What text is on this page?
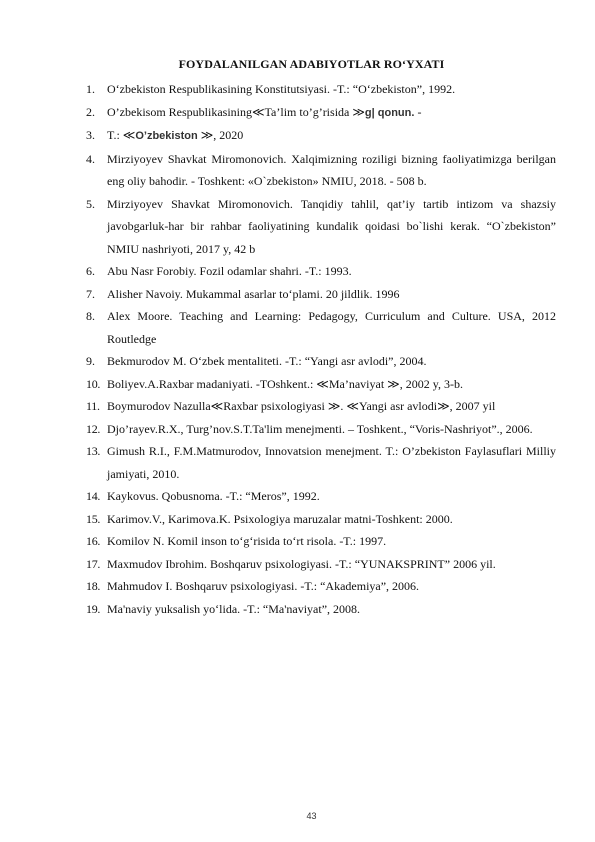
FOYDALANILGAN ADABIYOTLAR RO‘YXATI
1. O‘zbekiston Respublikasining Konstitutsiyasi. -T.: “O‘zbekiston”, 1992.
2. O’zbekisom Respublikasining≪Ta’lim to’g’risida ≫g| qonun. -
3. T.: ≪O’zbekiston ≫, 2020
4. Mirziyoyev Shavkat Miromonovich. Xalqimizning roziligi bizning faoliyatimizga berilgan eng oliy bahodir. - Toshkent: «O`zbekiston» NMIU, 2018. - 508 b.
5. Mirziyoyev Shavkat Miromonovich. Tanqidiy tahlil, qat’iy tartib intizom va shazsiy javobgarluk-har bir rahbar faoliyatining kundalik qoidasi bo`lishi kerak. “O`zbekiston” NMIU nashriyoti, 2017 y, 42 b
6. Abu Nasr Forobiy. Fozil odamlar shahri. -T.: 1993.
7. Alisher Navoiy. Mukammal asarlar to‘plami. 20 jildlik. 1996
8. Alex Moore. Teaching and Learning: Pedagogy, Curriculum and Culture. USA, 2012 Routledge
9. Bekmurodov M. O‘zbek mentaliteti. -T.: “Yangi asr avlodi”, 2004.
10. Boliyev.A.Raxbar madaniyati. -TOshkent.: ≪Ma’naviyat ≫, 2002 y, 3-b.
11. Boymurodov Nazulla≪Raxbar psixologiyasi ≫. ≪Yangi asr avlodi≫, 2007 yil
12. Djo’rayev.R.X., Turg’nov.S.T.Ta'lim menejmenti. – Toshkent., “Voris-Nashriyot”., 2006.
13. Gimush R.I., F.M.Matmurodov, Innovatsion menejment. T.: O’zbekiston Faylasuflari Milliy jamiyati, 2010.
14. Kaykovus. Qobusnoma. -T.: “Meros”, 1992.
15. Karimov.V., Karimova.K. Psixologiya maruzalar matni-Toshkent: 2000.
16. Komilov N. Komil inson to‘g‘risida to‘rt risola. -T.: 1997.
17. Maxmudov Ibrohim. Boshqaruv psixologiyasi. -T.: “YUNAKSPRINT” 2006 yil.
18. Mahmudov I. Boshqaruv psixologiyasi. -T.: “Akademiya”, 2006.
19. Ma'naviy yuksalish yo‘lida. -T.: “Ma'naviyat”, 2008.
43
